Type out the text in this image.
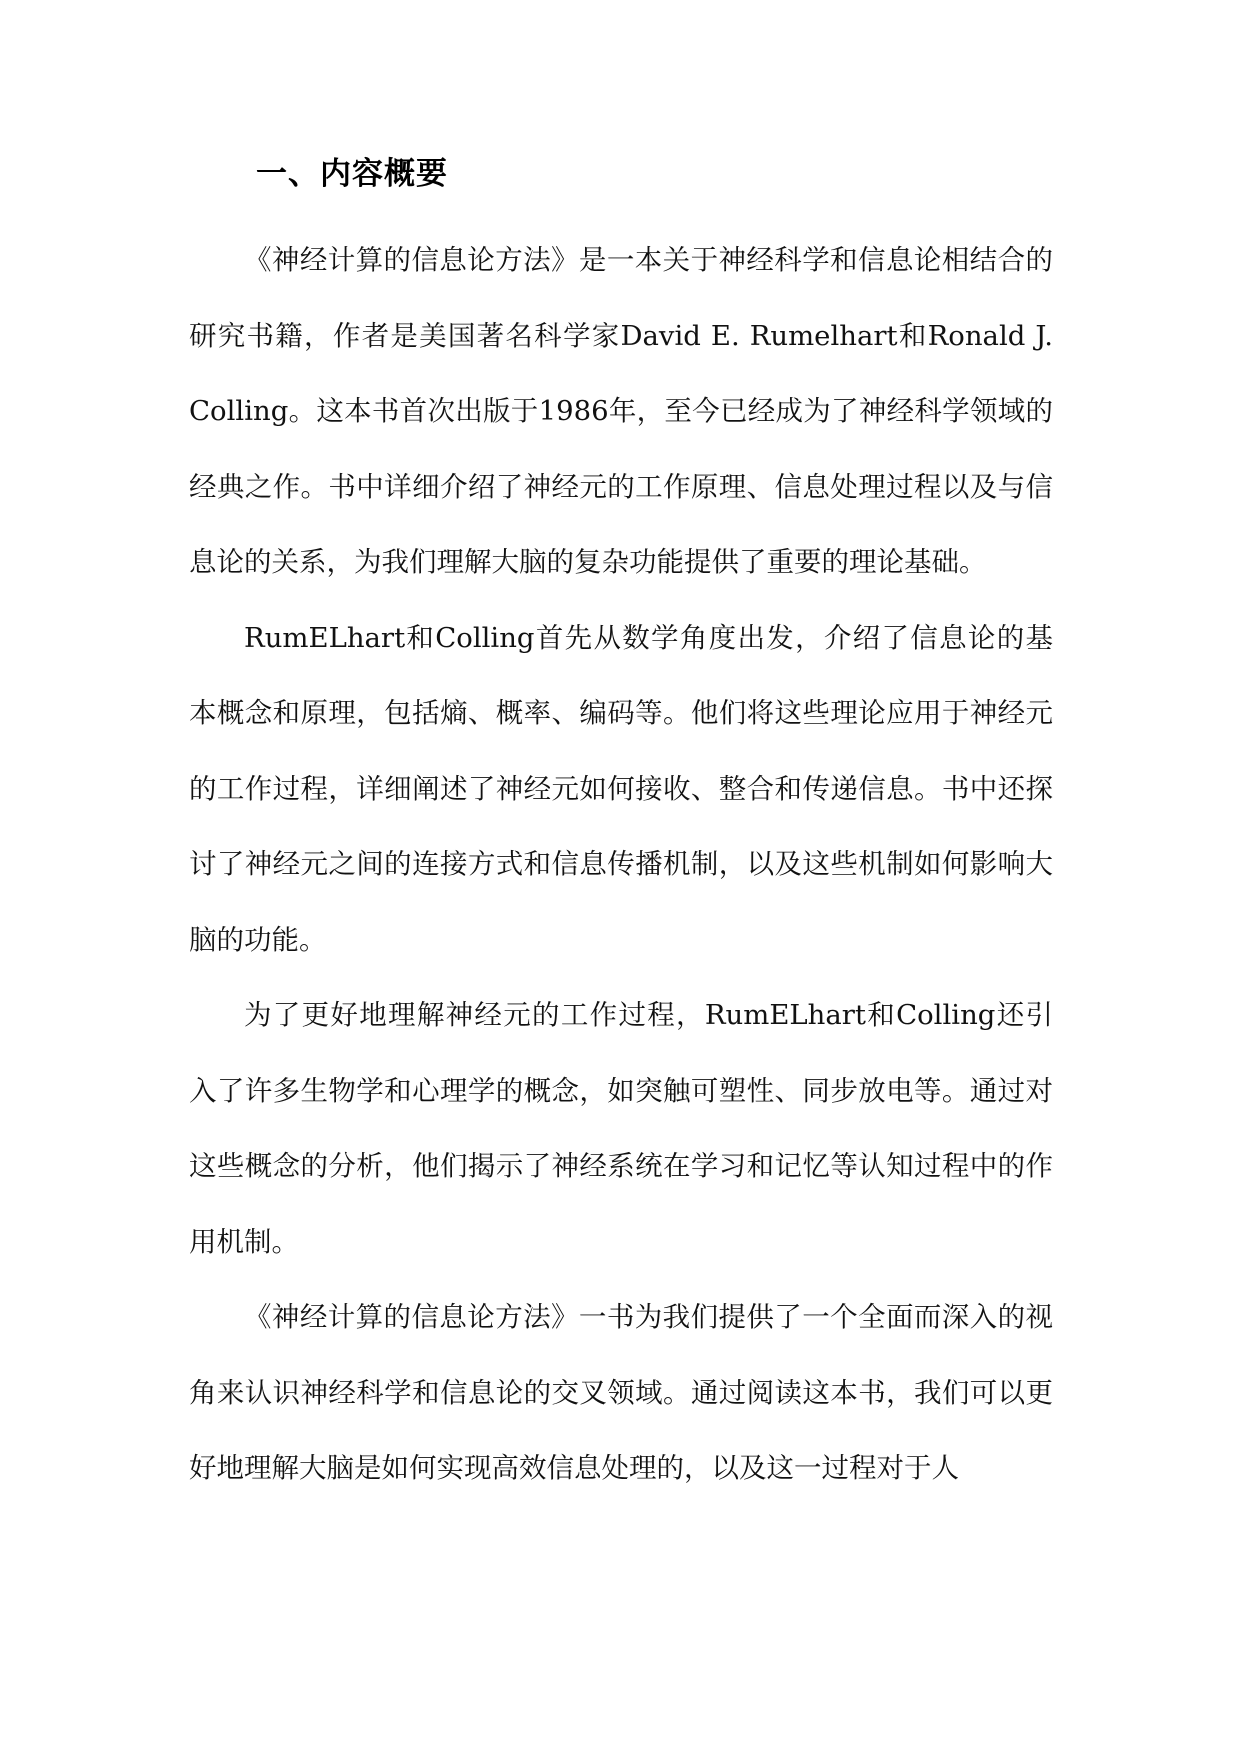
一、内容概要

《神经计算的信息论方法》是一本关于神经科学和信息论相结合的研究书籍，作者是美国著名科学家David E. Rumelhart和Ronald J. Colling。这本书首次出版于1986年，至今已经成为了神经科学领域的经典之作。书中详细介绍了神经元的工作原理、信息处理过程以及与信息论的关系，为我们理解大脑的复杂功能提供了重要的理论基础。

RumELhart和Colling首先从数学角度出发，介绍了信息论的基本概念和原理，包括熵、概率、编码等。他们将这些理论应用于神经元的工作过程，详细阐述了神经元如何接收、整合和传递信息。书中还探讨了神经元之间的连接方式和信息传播机制，以及这些机制如何影响大脑的功能。

为了更好地理解神经元的工作过程，RumELhart和Colling还引入了许多生物学和心理学的概念，如突触可塑性、同步放电等。通过对这些概念的分析，他们揭示了神经系统在学习和记忆等认知过程中的作用机制。

《神经计算的信息论方法》一书为我们提供了一个全面而深入的视角来认识神经科学和信息论的交叉领域。通过阅读这本书，我们可以更好地理解大脑是如何实现高效信息处理的，以及这一过程对于人
